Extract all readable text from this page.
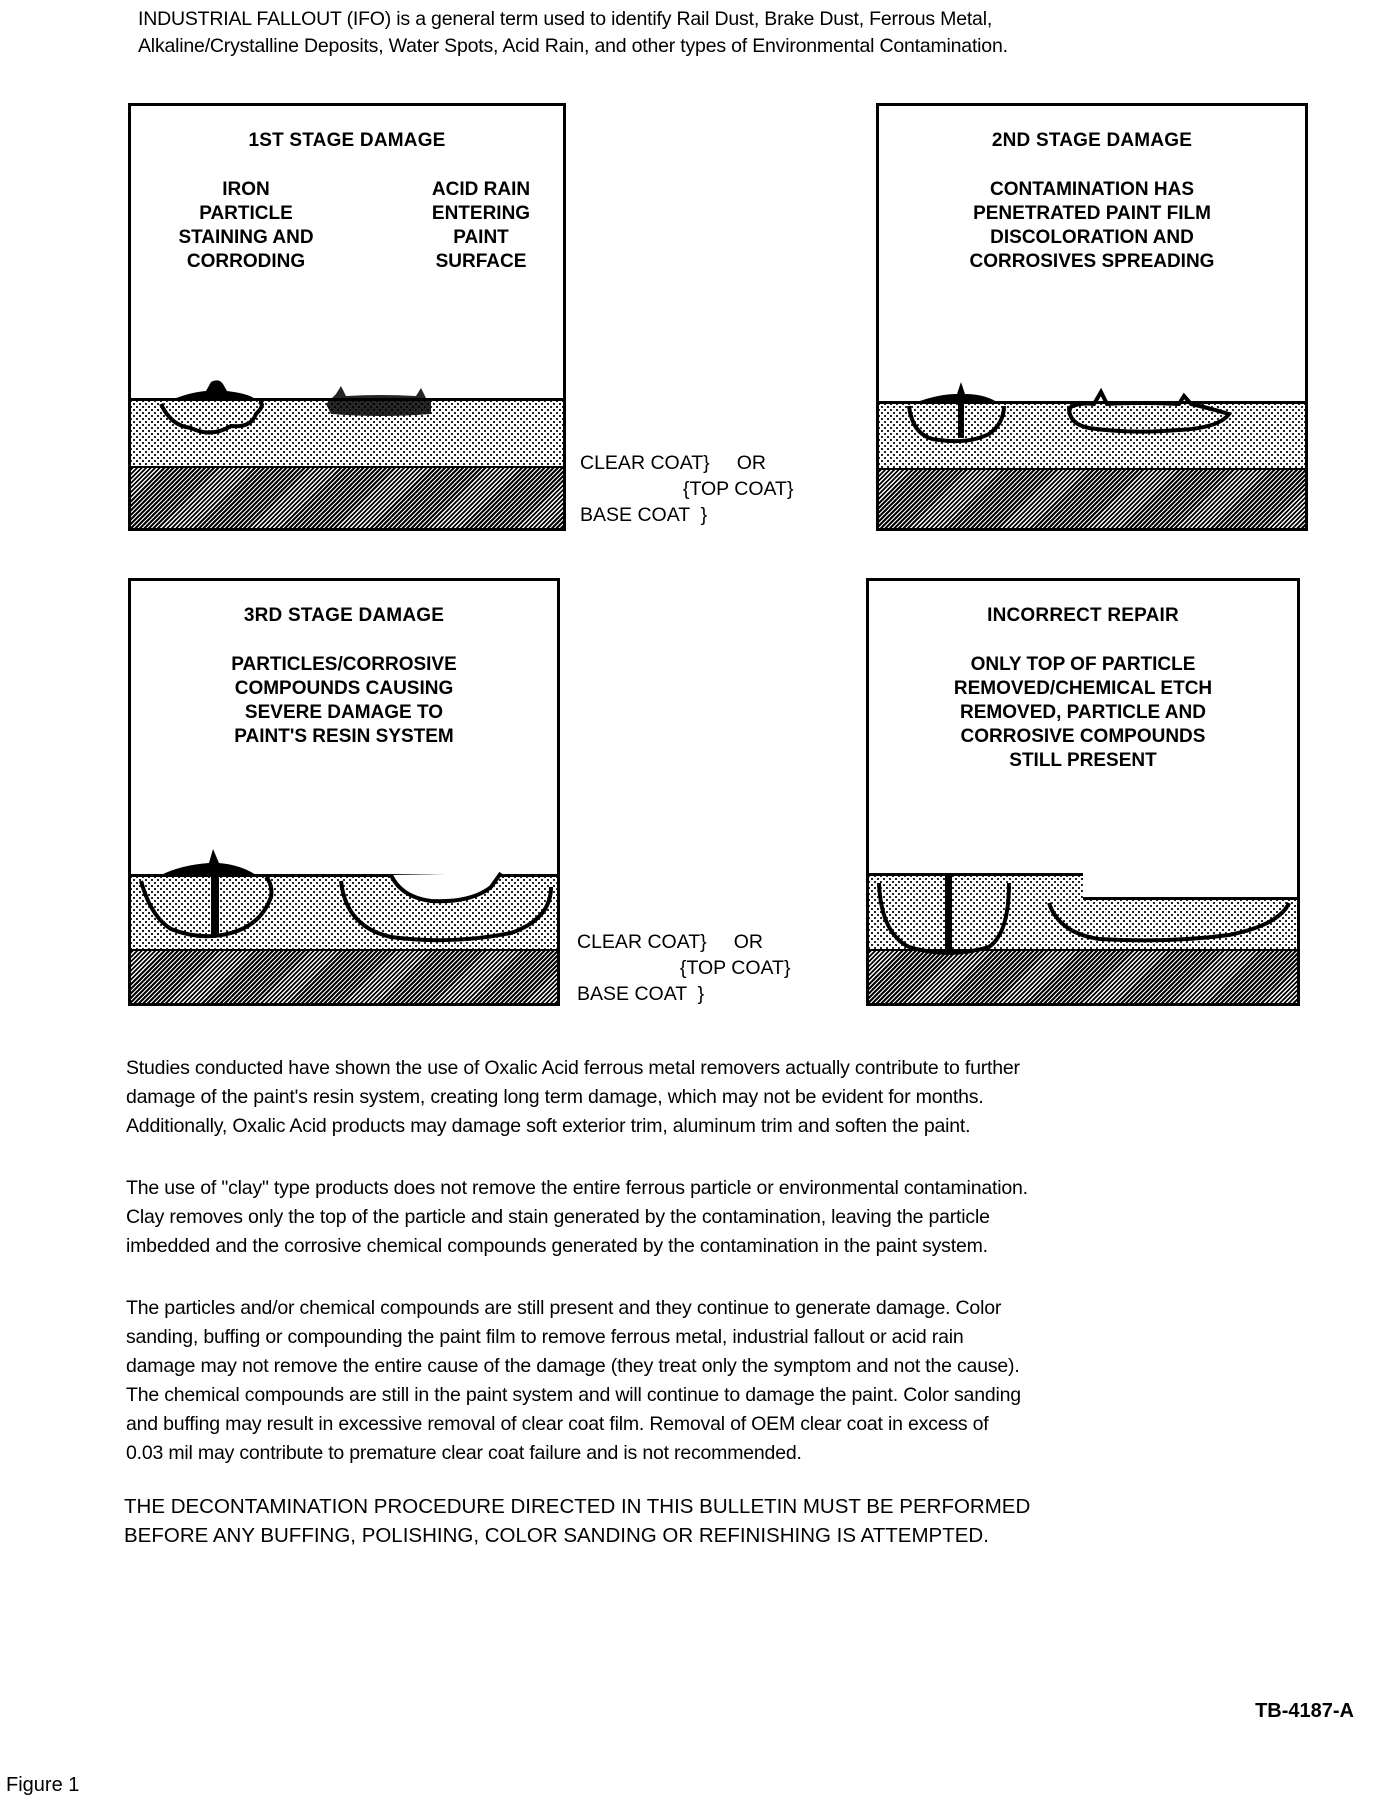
INDUSTRIAL FALLOUT (IFO) is a general term used to identify Rail Dust, Brake Dust, Ferrous Metal,
Alkaline/Crystalline Deposits, Water Spots, Acid Rain, and other types of Environmental Contamination.
1ST STAGE DAMAGE
IRON
PARTICLE
STAINING AND
CORRODING
ACID RAIN
ENTERING
PAINT
SURFACE
CLEAR COAT}     OR
{TOP COAT}
BASE COAT  }
2ND STAGE DAMAGE
CONTAMINATION HAS
PENETRATED PAINT FILM
DISCOLORATION AND
CORROSIVES SPREADING
3RD STAGE DAMAGE
PARTICLES/CORROSIVE
COMPOUNDS CAUSING
SEVERE DAMAGE TO
PAINT'S RESIN SYSTEM
CLEAR COAT}     OR
{TOP COAT}
BASE COAT  }
INCORRECT REPAIR
ONLY TOP OF PARTICLE
REMOVED/CHEMICAL ETCH
REMOVED, PARTICLE AND
CORROSIVE COMPOUNDS
STILL PRESENT
Studies conducted have shown the use of Oxalic Acid ferrous metal removers actually contribute to further
damage of the paint's resin system, creating long term damage, which may not be evident for months.
Additionally, Oxalic Acid products may damage soft exterior trim, aluminum trim and soften the paint.
The use of "clay" type products does not remove the entire ferrous particle or environmental contamination.
Clay removes only the top of the particle and stain generated by the contamination, leaving the particle
imbedded and the corrosive chemical compounds generated by the contamination in the paint system.
The particles and/or chemical compounds are still present and they continue to generate damage. Color
sanding, buffing or compounding the paint film to remove ferrous metal, industrial fallout or acid rain
damage may not remove the entire cause of the damage (they treat only the symptom and not the cause).
The chemical compounds are still in the paint system and will continue to damage the paint. Color sanding
and buffing may result in excessive removal of clear coat film. Removal of OEM clear coat in excess of
0.03 mil may contribute to premature clear coat failure and is not recommended.
THE DECONTAMINATION PROCEDURE DIRECTED IN THIS BULLETIN MUST BE PERFORMED
BEFORE ANY BUFFING, POLISHING, COLOR SANDING OR REFINISHING IS ATTEMPTED.
TB-4187-A
Figure 1
